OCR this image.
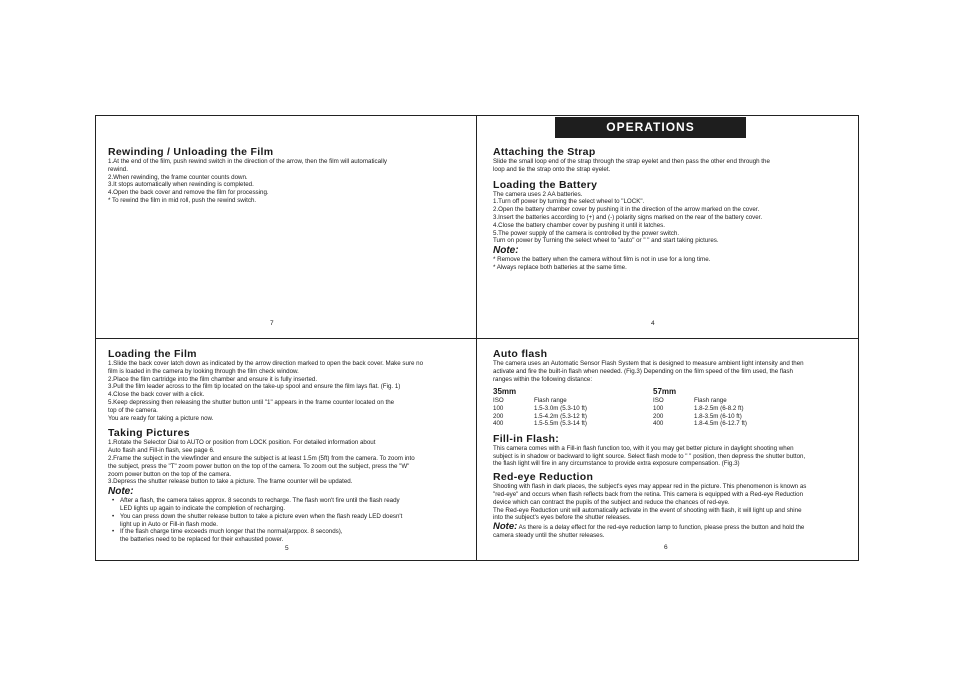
OPERATIONS
Rewinding / Unloading the Film
1.At the end of the film, push rewind switch in the direction of the arrow, then the film will automatically
rewind.
2.When rewinding, the frame counter counts down.
3.It stops automatically when rewinding is completed.
4.Open the back cover and remove the film for processing.
* To rewind the film in mid roll, push the rewind switch.
7
Attaching the Strap
Slide the small loop end of the strap through the strap eyelet and then pass the other end through the
loop and tie the strap onto the strap eyelet.
Loading the Battery
The camera uses 2 AA batteries.
1.Turn off power by turning the select wheel to "LOCK".
2.Open the battery chamber cover by pushing it in the direction of the arrow marked on the cover.
3.Insert the batteries according to (+) and (-) polarity signs marked on the rear of the battery cover.
4.Close the battery chamber cover by pushing it until it latches.
5.The power supply of the camera is controlled by the power switch.
Turn on power by Turning the select wheel to "auto" or " " and start taking pictures.
Note:
* Remove the battery when the camera without film is not in use for a long time.
* Always replace both batteries at the same time.
4
Loading the Film
1.Slide the back cover latch down as indicated by the arrow direction marked to open the back cover. Make sure no
film is loaded in the camera by looking through the film check window.
2.Place the film cartridge into the film chamber and ensure it is fully inserted.
3.Pull the film leader across to the film tip located on the take-up spool and ensure the film lays flat. (Fig. 1)
4.Close the back cover with a click.
5.Keep depressing then releasing the shutter button until "1" appears in the frame counter located on the
top of the camera.
You are ready for taking a picture now.
Taking Pictures
1.Rotate the Selector Dial to AUTO or position from LOCK position. For detailed information about
Auto flash and Fill-in flash, see page 6.
2.Frame the subject in the viewfinder and ensure the subject is at least 1.5m (5ft) from the camera. To zoom into
the subject, press the "T" zoom power button on the top of the camera. To zoom out the subject, press the "W"
zoom power button on the top of the camera.
3.Depress the shutter release button to take a picture. The frame counter will be updated.
Note:
• After a flash, the camera takes approx. 8 seconds to recharge. The flash won't fire until the flash ready
LED lights up again to indicate the completion of recharging.
• You can press down the shutter release button to take a picture even when the flash ready LED doesn't
light up in Auto or Fill-in flash mode.
• If the flash charge time exceeds much longer that the normal(arppox. 8 seconds),
the batteries need to be replaced for their exhausted power.
5
Auto flash
The camera uses an Automatic Sensor Flash System that is designed to measure ambient light intensity and then
activate and fire the built-in flash when needed. (Fig.3) Depending on the film speed of the film used, the flash
ranges within the following distance:
35mm
ISO	Flash range
100	1.5-3.0m (5.3-10 ft)
200	1.5-4.2m (5.3-12 ft)
400	1.5-5.5m (5.3-14 ft)
57mm
ISO	Flash range
100	1.8-2.5m (6-8.2 ft)
200	1.8-3.5m (6-10 ft)
400	1.8-4.5m (6-12.7 ft)
Fill-in Flash:
This camera comes with a Fill-in flash function too, with it you may get better picture in daylight shooting when
subject is in shadow or backward to light source. Select flash mode to " " position, then depress the shutter button,
the flash light will fire in any circumstance to provide extra exposure compensation. (Fig.3)
Red-eye Reduction
Shooting with flash in dark places, the subject's eyes may appear red in the picture. This phenomenon is known as
"red-eye" and occurs when flash reflects back from the retina. This camera is equipped with a Red-eye Reduction
device which can contract the pupils of the subject and reduce the chances of red-eye.
The Red-eye Reduction unit will automatically activate in the event of shooting with flash, it will light up and shine
into the subject's eyes before the shutter releases.
Note: As there is a delay effect for the red-eye reduction lamp to function, please press the button and hold the
camera steady until the shutter releases.
6
